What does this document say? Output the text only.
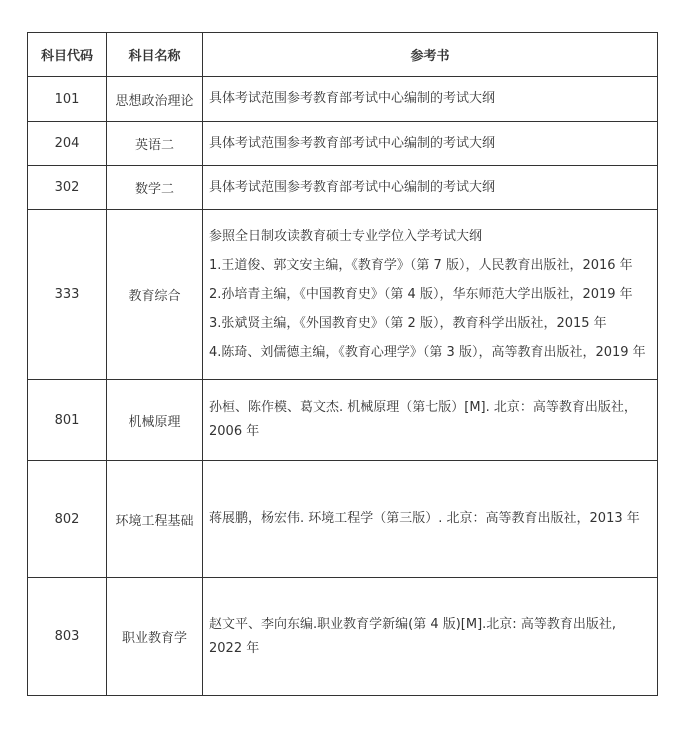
科目代码	科目名称	参考书
101	思想政治理论	具体考试范围参考教育部考试中心编制的考试大纲

204	英语二	具体考试范围参考教育部考试中心编制的考试大纲

302	数学二	具体考试范围参考教育部考试中心编制的考试大纲

333	教育综合	参照全日制攻读教育硕士专业学位入学考试大纲
1.王道俊、郭文安主编，《教育学》（第 7 版），人民教育出版社，2016 年
2.孙培青主编，《中国教育史》（第 4 版），华东师范大学出版社，2019 年
3.张斌贤主编，《外国教育史》（第 2 版），教育科学出版社，2015 年
4.陈琦、刘儒德主编，《教育心理学》（第 3 版），高等教育出版社，2019 年

801	机械原理	孙桓、陈作模、葛文杰. 机械原理（第七版）[M]. 北京：高等教育出版社，2006 年

802	环境工程基础	蒋展鹏，杨宏伟. 环境工程学（第三版）. 北京：高等教育出版社，2013 年

803	职业教育学	赵文平、李向东编.职业教育学新编(第 4 版)[M].北京: 高等教育出版社, 2022 年
